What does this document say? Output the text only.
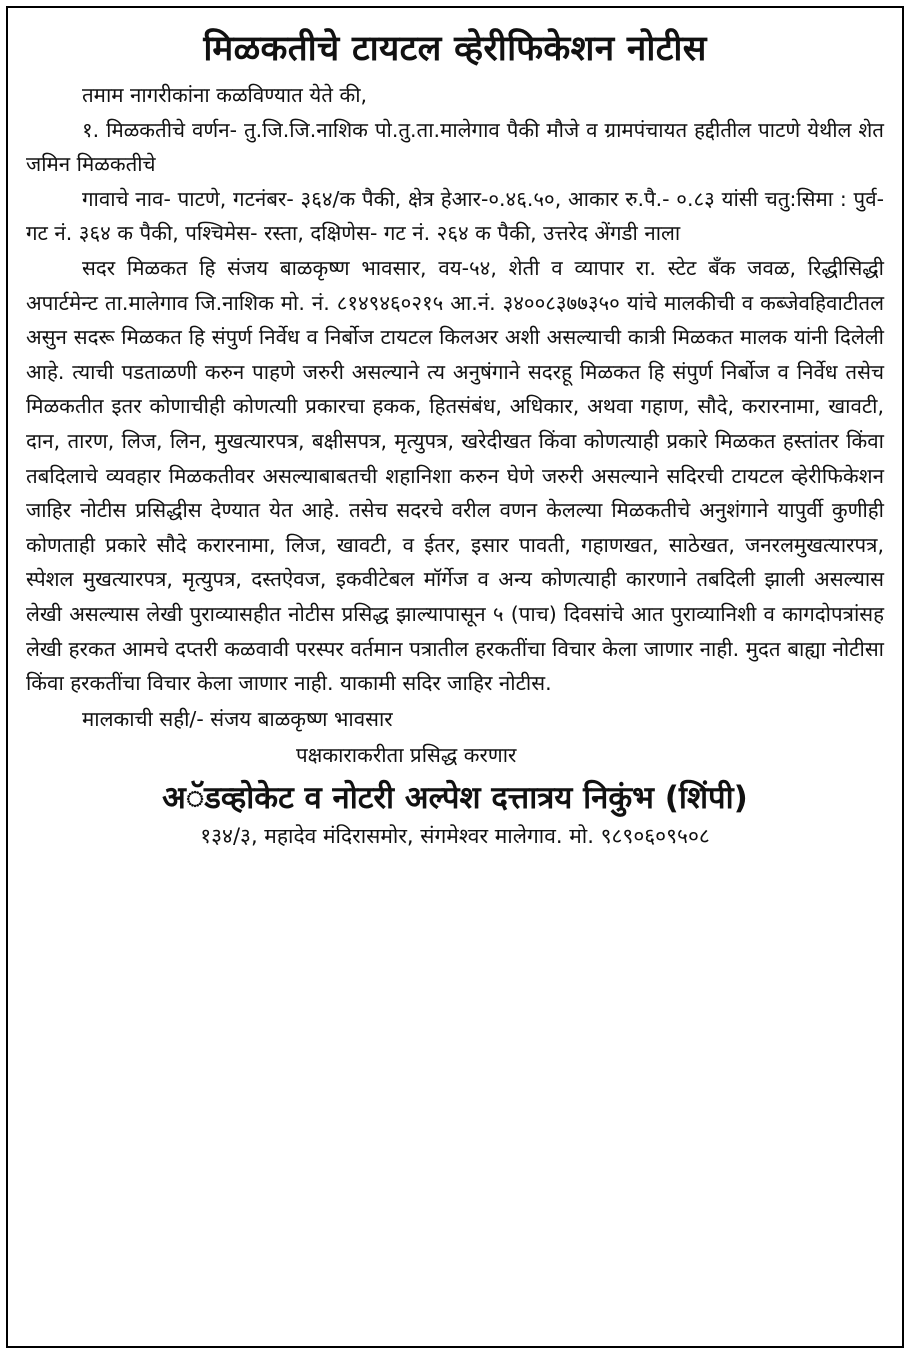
मिळकतीचे टायटल व्हेरीफिकेशन नोटीस

तमाम नागरीकांना कळविण्यात येते की,

१. मिळकतीचे वर्णन- तु.जि.जि.नाशिक पो.तु.ता.मालेगाव पैकी मौजे व ग्रामपंचायत हद्दीतील पाटणे येथील शेत जमिन मिळकतीचे

गावाचे नाव- पाटणे, गटनंबर- ३६४/क पैकी, क्षेत्र हेआर-०.४६.५०, आकार रु.पै.- ०.८३ यांसी चतु:सिमा : पुर्व- गट नं. ३६४ क पैकी, पश्चिमेस- रस्ता, दक्षिणेस- गट नं. २६४ क पैकी, उत्तरेद अेंगडी नाला

सदर मिळकत हि संजय बाळकृष्ण भावसार, वय-५४, शेती व व्यापार रा. स्टेट बँक जवळ, रिद्धीसिद्धी अपार्टमेन्ट ता.मालेगाव जि.नाशिक मो. नं. ८१४९४६०२१५ आ.नं. ३४००८३७७३५० यांचे मालकीची व कब्जेवहिवाटीतल असुन सदरू मिळकत हि संपुर्ण निर्वेध व निर्बोज टायटल किलअर अशी असल्याची कात्री मिळकत मालक यांनी दिलेली आहे. त्याची पडताळणी करुन पाहणे जरुरी असल्याने त्य अनुषंगाने सदरहू मिळकत हि संपुर्ण निर्बोज व निर्वेध तसेच मिळकतीत इतर कोणाचीही कोणत्याी प्रकारचा हकक, हितसंबंध, अधिकार, अथवा गहाण, सौदे, करारनामा, खावटी, दान, तारण, लिज, लिन, मुखत्यारपत्र, बक्षीसपत्र, मृत्युपत्र, खरेदीखत किंवा कोणत्याही प्रकारे मिळकत हस्तांतर किंवा तबदिलाचे व्यवहार मिळकतीवर असल्याबाबतची शहानिशा करुन घेणे जरुरी असल्याने सदिरची टायटल व्हेरीफिकेशन जाहिर नोटीस प्रसिद्धीस देण्यात येत आहे. तसेच सदरचे वरील वणन केलल्या मिळकतीचे अनुशंगाने यापुर्वी कुणीही कोणताही प्रकारे सौदे करारनामा, लिज, खावटी, व ईतर, इसार पावती, गहाणखत, साठेखत, जनरलमुखत्यारपत्र, स्पेशल मुखत्यारपत्र, मृत्युपत्र, दस्तऐवज, इकवीटेबल मॉर्गेज व अन्य कोणत्याही कारणाने तबदिली झाली असल्यास लेखी असल्यास लेखी पुराव्यासहीत नोटीस प्रसिद्ध झाल्यापासून ५ (पाच) दिवसांचे आत पुराव्यानिशी व कागदोपत्रांसह लेखी हरकत आमचे दप्तरी कळवावी परस्पर वर्तमान पत्रातील हरकतींचा विचार केला जाणार नाही. मुदत बाह्या नोटीसा किंवा हरकतींचा विचार केला जाणार नाही. याकामी सदिर जाहिर नोटीस.

मालकाची सही/- संजय बाळकृष्ण भावसार
पक्षकाराकरीता प्रसिद्ध करणार
अॅडव्होकेट व नोटरी अल्पेश दत्तात्रय निकुंभ (शिंपी)
१३४/३, महादेव मंदिरासमोर, संगमेश्वर मालेगाव. मो. ९८९०६०९५०८
